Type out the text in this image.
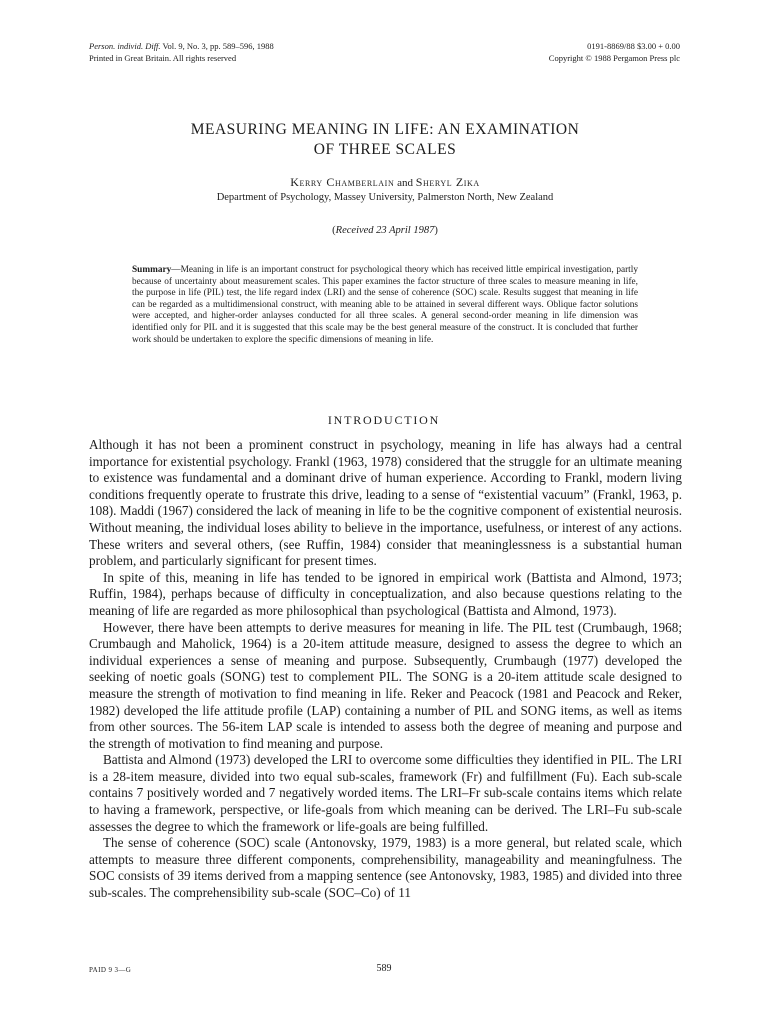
Person. individ. Diff. Vol. 9, No. 3, pp. 589–596, 1988
Printed in Great Britain. All rights reserved
0191-8869/88 $3.00 + 0.00
Copyright © 1988 Pergamon Press plc
MEASURING MEANING IN LIFE: AN EXAMINATION
OF THREE SCALES
Kerry Chamberlain and Sheryl Zika
Department of Psychology, Massey University, Palmerston North, New Zealand
(Received 23 April 1987)
Summary—Meaning in life is an important construct for psychological theory which has received little empirical investigation, partly because of uncertainty about measurement scales. This paper examines the factor structure of three scales to measure meaning in life, the purpose in life (PIL) test, the life regard index (LRI) and the sense of coherence (SOC) scale. Results suggest that meaning in life can be regarded as a multidimensional construct, with meaning able to be attained in several different ways. Oblique factor solutions were accepted, and higher-order anlayses conducted for all three scales. A general second-order meaning in life dimension was identified only for PIL and it is suggested that this scale may be the best general measure of the construct. It is concluded that further work should be undertaken to explore the specific dimensions of meaning in life.
INTRODUCTION

Although it has not been a prominent construct in psychology, meaning in life has always had a central importance for existential psychology. Frankl (1963, 1978) considered that the struggle for an ultimate meaning to existence was fundamental and a dominant drive of human experience. According to Frankl, modern living conditions frequently operate to frustrate this drive, leading to a sense of “existential vacuum” (Frankl, 1963, p. 108). Maddi (1967) considered the lack of meaning in life to be the cognitive component of existential neurosis. Without meaning, the individual loses ability to believe in the importance, usefulness, or interest of any actions. These writers and several others, (see Ruffin, 1984) consider that meaninglessness is a substantial human problem, and particularly significant for present times.

In spite of this, meaning in life has tended to be ignored in empirical work (Battista and Almond, 1973; Ruffin, 1984), perhaps because of difficulty in conceptualization, and also because questions relating to the meaning of life are regarded as more philosophical than psychological (Battista and Almond, 1973).

However, there have been attempts to derive measures for meaning in life. The PIL test (Crumbaugh, 1968; Crumbaugh and Maholick, 1964) is a 20-item attitude measure, designed to assess the degree to which an individual experiences a sense of meaning and purpose. Subsequently, Crumbaugh (1977) developed the seeking of noetic goals (SONG) test to complement PIL. The SONG is a 20-item attitude scale designed to measure the strength of motivation to find meaning in life. Reker and Peacock (1981 and Peacock and Reker, 1982) developed the life attitude profile (LAP) containing a number of PIL and SONG items, as well as items from other sources. The 56-item LAP scale is intended to assess both the degree of meaning and purpose and the strength of motivation to find meaning and purpose.

Battista and Almond (1973) developed the LRI to overcome some difficulties they identified in PIL. The LRI is a 28-item measure, divided into two equal sub-scales, framework (Fr) and fulfillment (Fu). Each sub-scale contains 7 positively worded and 7 negatively worded items. The LRI–Fr sub-scale contains items which relate to having a framework, perspective, or life-goals from which meaning can be derived. The LRI–Fu sub-scale assesses the degree to which the framework or life-goals are being fulfilled.

The sense of coherence (SOC) scale (Antonovsky, 1979, 1983) is a more general, but related scale, which attempts to measure three different components, comprehensibility, manageability and meaningfulness. The SOC consists of 39 items derived from a mapping sentence (see Antonovsky, 1983, 1985) and divided into three sub-scales. The comprehensibility sub-scale (SOC–Co) of 11

PAID 9 3—G	589
